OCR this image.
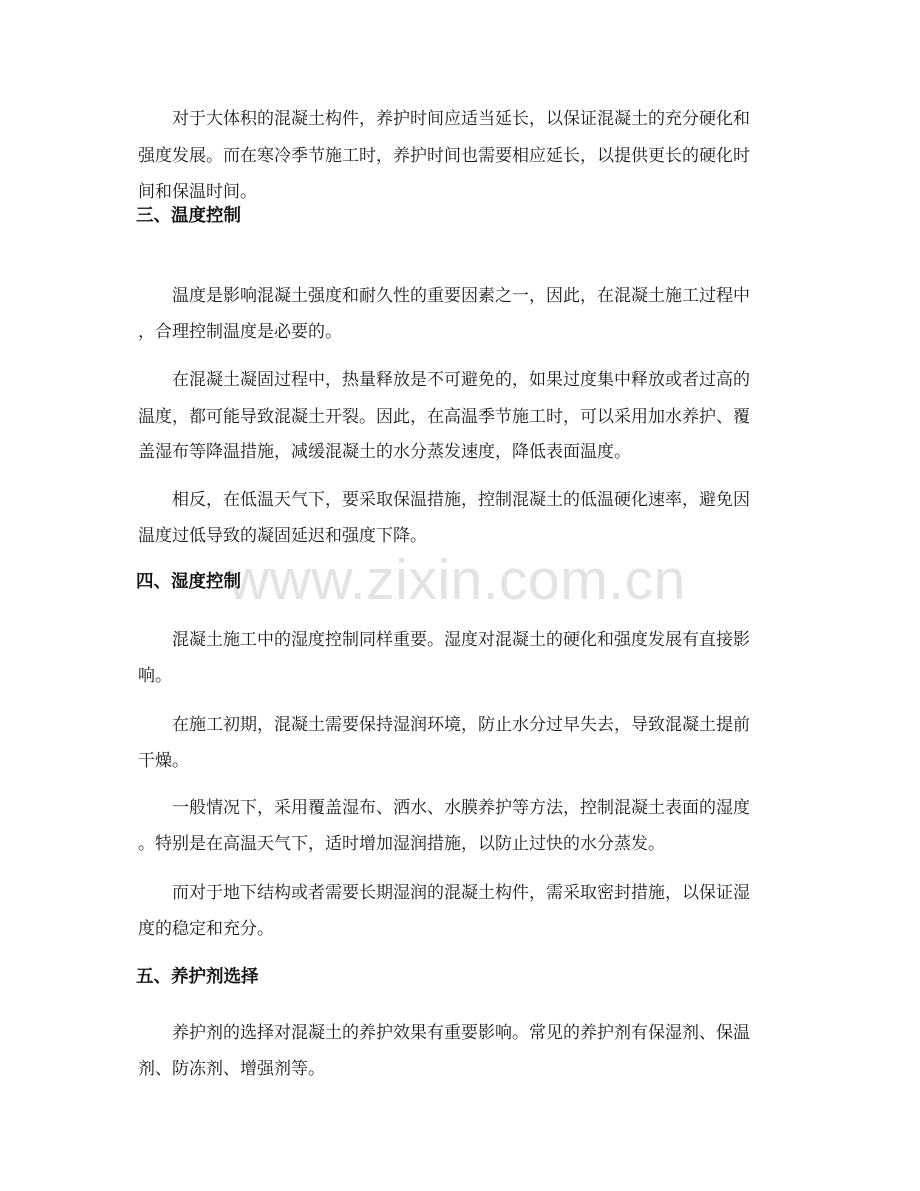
www.zixin.com.cn
对于大体积的混凝土构件，养护时间应适当延长，以保证混凝土的充分硬化和
强度发展。而在寒冷季节施工时，养护时间也需要相应延长，以提供更长的硬化时
间和保温时间。
三、温度控制
温度是影响混凝土强度和耐久性的重要因素之一，因此，在混凝土施工过程中
，合理控制温度是必要的。
在混凝土凝固过程中，热量释放是不可避免的，如果过度集中释放或者过高的
温度，都可能导致混凝土开裂。因此，在高温季节施工时，可以采用加水养护、覆
盖湿布等降温措施，减缓混凝土的水分蒸发速度，降低表面温度。
相反，在低温天气下，要采取保温措施，控制混凝土的低温硬化速率，避免因
温度过低导致的凝固延迟和强度下降。
四、湿度控制
混凝土施工中的湿度控制同样重要。湿度对混凝土的硬化和强度发展有直接影
响。
在施工初期，混凝土需要保持湿润环境，防止水分过早失去，导致混凝土提前
干燥。
一般情况下，采用覆盖湿布、洒水、水膜养护等方法，控制混凝土表面的湿度
。特别是在高温天气下，适时增加湿润措施，以防止过快的水分蒸发。
而对于地下结构或者需要长期湿润的混凝土构件，需采取密封措施，以保证湿
度的稳定和充分。
五、养护剂选择
养护剂的选择对混凝土的养护效果有重要影响。常见的养护剂有保湿剂、保温
剂、防冻剂、增强剂等。
